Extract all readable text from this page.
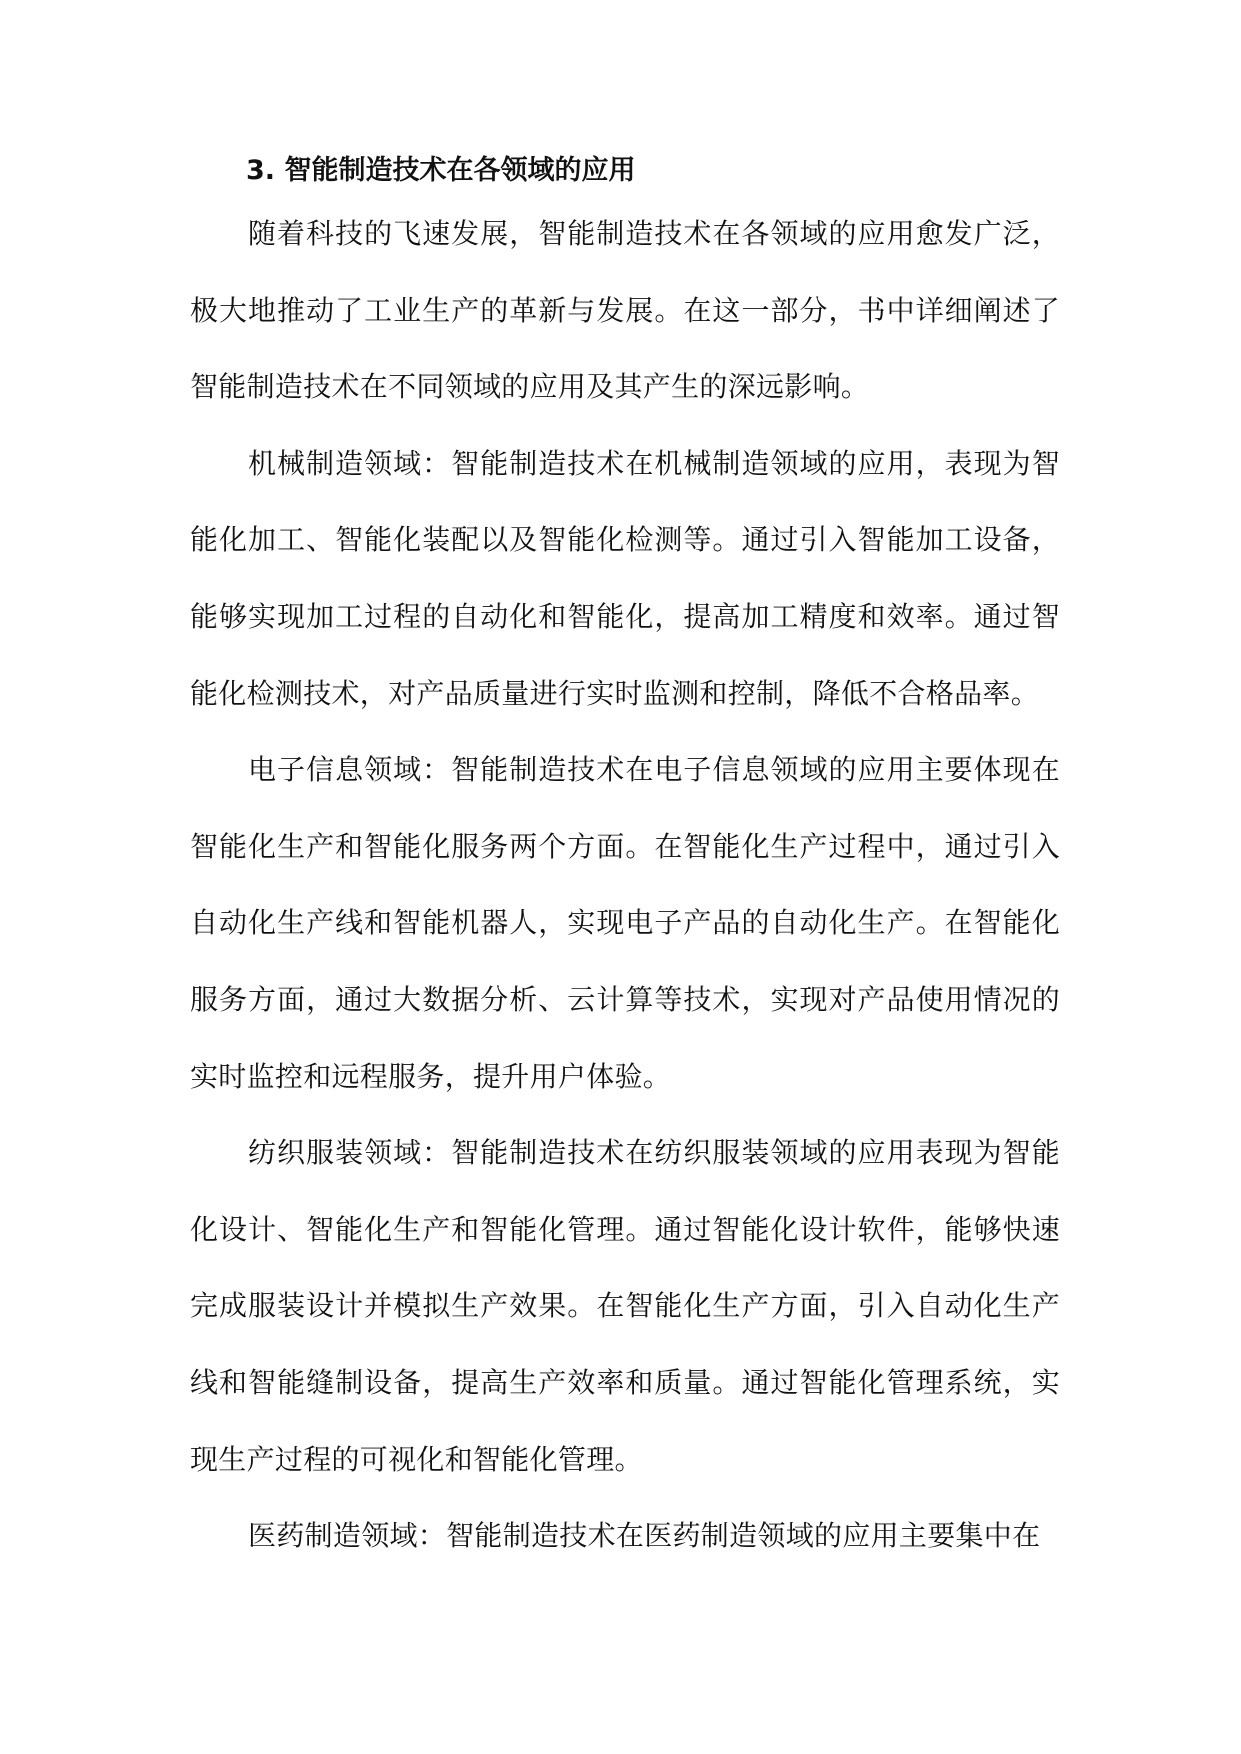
3. 智能制造技术在各领域的应用

随着科技的飞速发展，智能制造技术在各领域的应用愈发广泛，极大地推动了工业生产的革新与发展。在这一部分，书中详细阐述了智能制造技术在不同领域的应用及其产生的深远影响。

机械制造领域：智能制造技术在机械制造领域的应用，表现为智能化加工、智能化装配以及智能化检测等。通过引入智能加工设备，能够实现加工过程的自动化和智能化，提高加工精度和效率。通过智能化检测技术，对产品质量进行实时监测和控制，降低不合格品率。

电子信息领域：智能制造技术在电子信息领域的应用主要体现在智能化生产和智能化服务两个方面。在智能化生产过程中，通过引入自动化生产线和智能机器人，实现电子产品的自动化生产。在智能化服务方面，通过大数据分析、云计算等技术，实现对产品使用情况的实时监控和远程服务，提升用户体验。

纺织服装领域：智能制造技术在纺织服装领域的应用表现为智能化设计、智能化生产和智能化管理。通过智能化设计软件，能够快速完成服装设计并模拟生产效果。在智能化生产方面，引入自动化生产线和智能缝制设备，提高生产效率和质量。通过智能化管理系统，实现生产过程的可视化和智能化管理。

医药制造领域：智能制造技术在医药制造领域的应用主要集中在
